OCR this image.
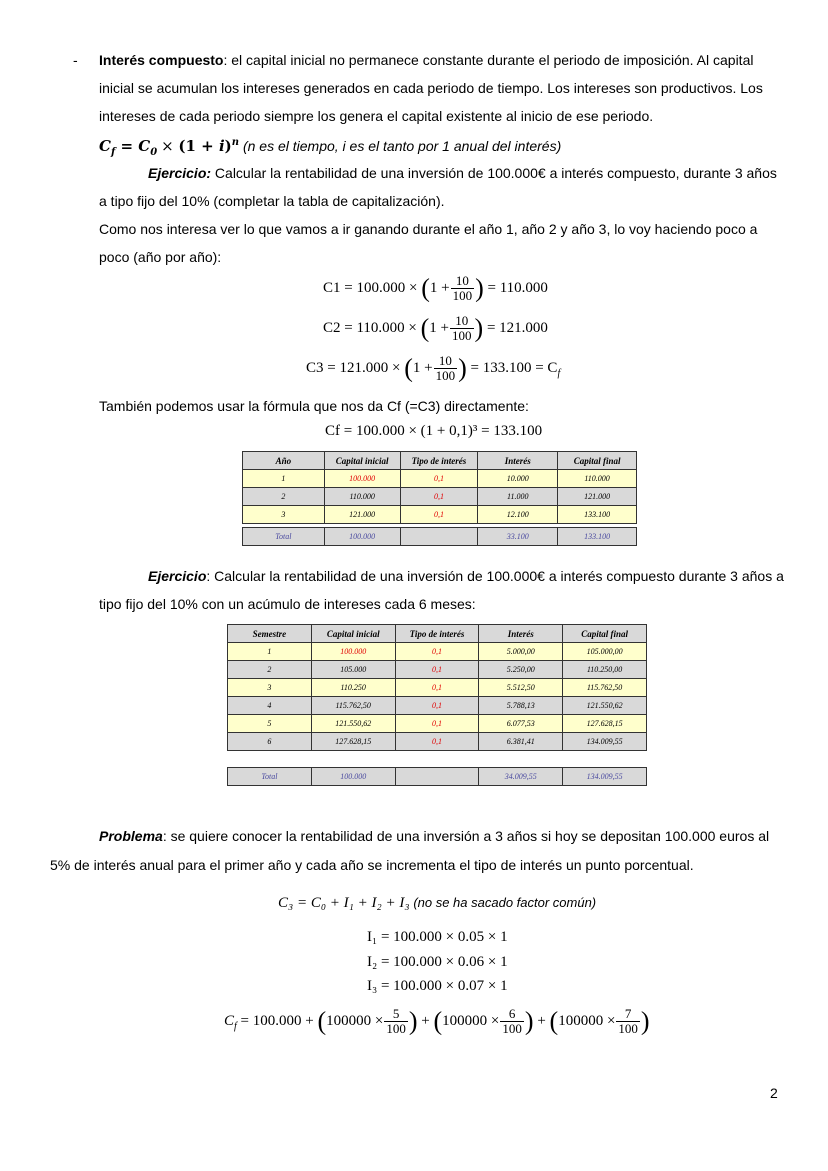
- Interés compuesto: el capital inicial no permanece constante durante el periodo de imposición. Al capital
inicial se acumulan los intereses generados en cada periodo de tiempo. Los intereses son productivos. Los
intereses de cada periodo siempre los genera el capital existente al inicio de ese periodo.
$C_f = C_0 \times (1 + i)^n$ (n es el tiempo, i es el tanto por 1 anual del interés)
Ejercicio: Calcular la rentabilidad de una inversión de 100.000€ a interés compuesto, durante 3 años
a tipo fijo del 10% (completar la tabla de capitalización).
Como nos interesa ver lo que vamos a ir ganando durante el año 1, año 2 y año 3, lo voy haciendo poco a
poco (año por año):
$C1 = 100.000 \times (1 + \frac{10}{100}$ ) = 110.000
$C2 = 110.000 \times (1 + \frac{10}{100}$ ) = 121.000
$C3 = 121.000 \times (1 + \frac{10}{100}$ ) = $133.100 = C_f$
También podemos usar la fórmula que nos da Cf (=C3) directamente:
Cf = 100.000 × (1 + 0,1)³ = 133.100
Año	Capital inicial	Tipo de interés	Interés	Capital final
1	100.000	0,1	10.000	110.000
2	110.000	0,1	11.000	121.000
3	121.000	0,1	12.100	133.100

Total	100.000		33.100	133.100
Ejercicio: Calcular la rentabilidad de una inversión de 100.000€ a interés compuesto durante 3 años a
tipo fijo del 10% con un acúmulo de intereses cada 6 meses:
Semestre	Capital inicial	Tipo de interés	Interés	Capital final
1	100.000	0,1	5.000,00	105.000,00
2	105.000	0,1	5.250,00	110.250,00
3	110.250	0,1	5.512,50	115.762,50
4	115.762,50	0,1	5.788,13	121.550,62
5	121.550,62	0,1	6.077,53	127.628,15
6	127.628,15	0,1	6.381,41	134.009,55

Total	100.000		34.009,55	134.009,55
Problema: se quiere conocer la rentabilidad de una inversión a 3 años si hoy se depositan 100.000 euros al
5% de interés anual para el primer año y cada año se incrementa el tipo de interés un punto porcentual.
C₃ = C₀ + I₁ + I₂ + I₃ (no se ha sacado factor común)
I₁ = 100.000 × 0.05 × 1
I₂ = 100.000 × 0.06 × 1
I₃ = 100.000 × 0.07 × 1
$C_f = 100.000 + (100000 \times \frac{5}{100}$ ) + ($100000 \times \frac{6}{100}$ ) + ($100000 \times \frac{7}{100}$ )
2
